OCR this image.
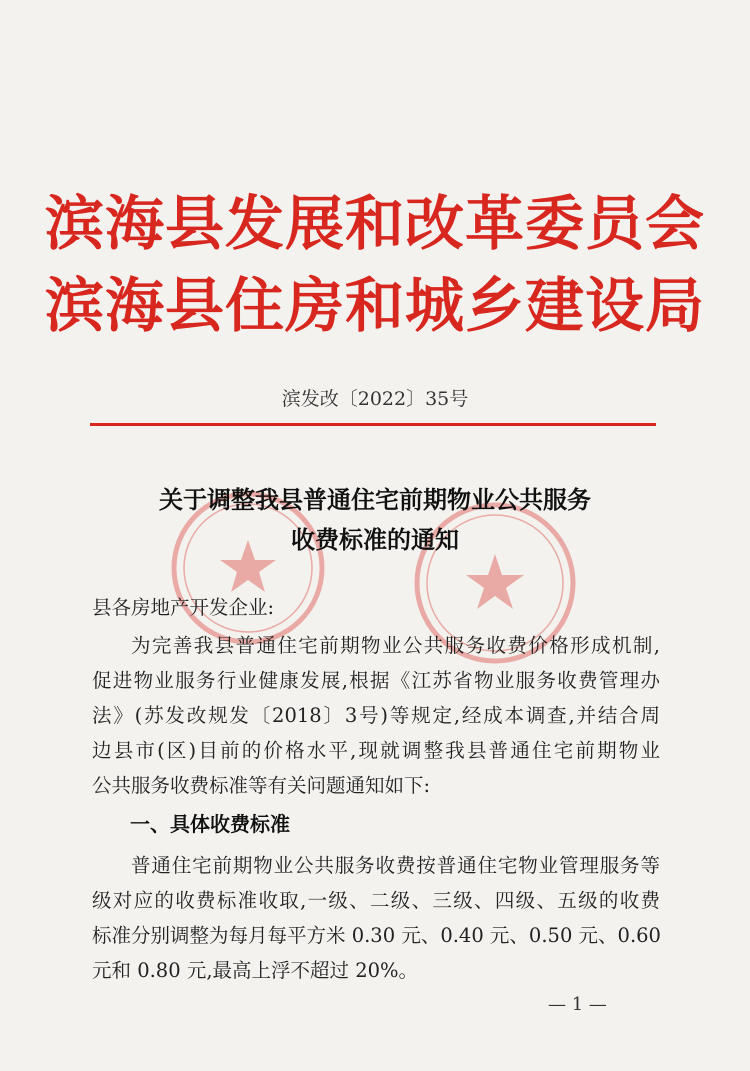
滨海县发展和改革委员会
滨海县住房和城乡建设局
滨发改〔2022〕35号
关于调整我县普通住宅前期物业公共服务
收费标准的通知
县各房地产开发企业:
为完善我县普通住宅前期物业公共服务收费价格形成机制,
促进物业服务行业健康发展,根据《江苏省物业服务收费管理办
法》(苏发改规发〔2018〕3号)等规定,经成本调查,并结合周
边县市(区)目前的价格水平,现就调整我县普通住宅前期物业
公共服务收费标准等有关问题通知如下:
一、具体收费标准
普通住宅前期物业公共服务收费按普通住宅物业管理服务等
级对应的收费标准收取,一级、二级、三级、四级、五级的收费
标准分别调整为每月每平方米 0.30 元、0.40 元、0.50 元、0.60
元和 0.80 元,最高上浮不超过 20%。
— 1 —
